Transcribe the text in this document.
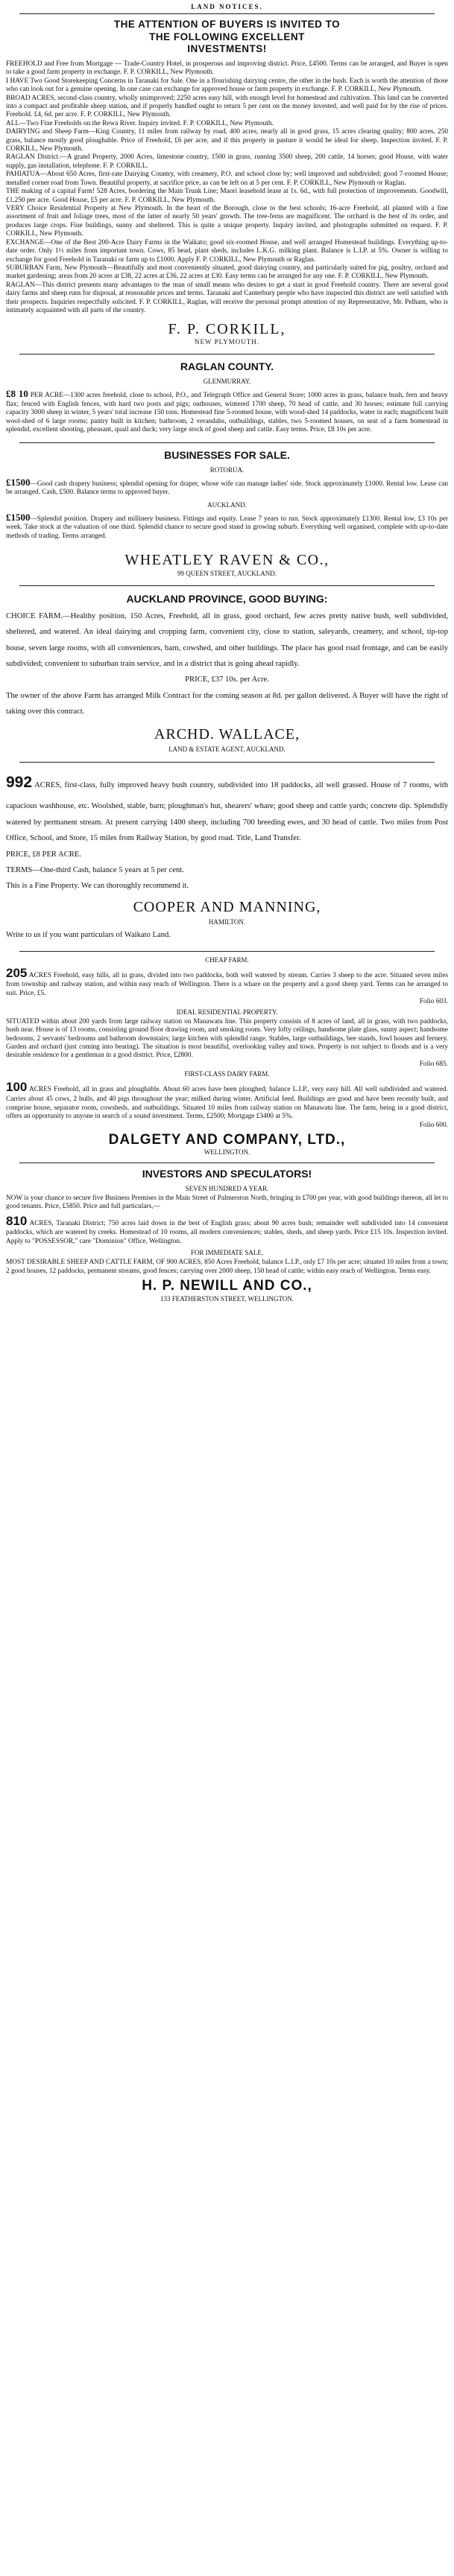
LAND NOTICES.
THE ATTENTION OF BUYERS IS INVITED TO
THE FOLLOWING EXCELLENT
INVESTMENTS!

FREEHOLD and Free from Mortgage — Trade-Country Hotel, in prosperous and improving district. Price, £4500. Terms can be arranged, and Buyer is open to take a good farm property in exchange. F. P. CORKILL, New Plymouth.

I HAVE Two Good Storekeeping Concerns in Taranaki for Sale. One in a flourishing dairying centre, the other in the bush. Each is worth the attention of those who can look out for a genuine opening. In one case can exchange for approved house or farm property in exchange. F. P. CORKILL, New Plymouth.

BROAD ACRES, second-class country, wholly unimproved; 2250 acres easy hill, with enough level for homestead and cultivation. This land can be converted into a compact and profitable sheep station, and if properly handled ought to return 5 per cent on the money invested, and well paid for by the rise of prices. Freehold. £4, 6d. per acre. F. P. CORKILL, New Plymouth.

ALL—Two Fine Freeholds on the Rewa River. Inquiry invited. F. P. CORKILL, New Plymouth.

DAIRYING and Sheep Farm—King Country, 11 miles from railway by road, 400 acres, nearly all in good grass, 15 acres clearing quality; 800 acres, 250 grass, balance mostly good ploughable. Price of Freehold, £6 per acre, and if this property in pasture it would be ideal for sheep. Inspection invited. F. P. CORKILL, New Plymouth.

RAGLAN District.—A grand Property, 2000 Acres, limestone country, 1500 in grass, running 3500 sheep, 200 cattle, 14 horses; good House, with water supply, gas installation, telephone. F. P. CORKILL.

PAHIATUA—About 650 Acres, first-rate Dairying Country, with creamery, P.O. and school close by; well improved and subdivided; good 7-roomed House; metalled corner road from Town. Beautiful property, at sacrifice price, as can be left on at 5 per cent. F. P. CORKILL, New Plymouth or Raglan.

THE making of a capital Farm! 528 Acres, bordering the Main Trunk Line; Maori leasehold lease at 1s. 6d., with full protection of improvements. Goodwill, £1,250 per acre. Good House, £5 per acre. F. P. CORKILL, New Plymouth.

VERY Choice Residential Property at New Plymouth. In the heart of the Borough, close to the best schools; 16-acre Freehold, all planted with a fine assortment of fruit and foliage trees, most of the latter of nearly 50 years' growth. The tree-ferns are magnificent. The orchard is the best of its order, and produces large crops. Fine buildings, sunny and sheltered. This is quite a unique property. Inquiry invited, and photographs submitted on request. F. P. CORKILL, New Plymouth.

EXCHANGE—One of the Best 200-Acre Dairy Farms in the Waikato; good six-roomed House, and well arranged Homestead buildings. Everything up-to-date order. Only 1½ miles from important town. Cows, 85 head, plant sheds, includes L.K.G. milking plant. Balance is L.I.P. at 5%. Owner is willing to exchange for good Freehold in Taranaki or farm up to £1000. Apply F. P. CORKILL, New Plymouth or Raglan.

SUBURBAN Farm, New Plymouth—Beautifully and most conveniently situated, good dairying country, and particularly suited for pig, poultry, orchard and market gardening; areas from 20 acres at £38, 22 acres at £36, 22 acres at £30. Easy terms can be arranged for any one. F. P. CORKILL, New Plymouth.

RAGLAN—This district presents many advantages to the man of small means who desires to get a start in good Freehold country. There are several good dairy farms and sheep runs for disposal, at reasonable prices and terms. Taranaki and Canterbury people who have inspected this district are well satisfied with their prospects. Inquiries respectfully solicited. F. P. CORKILL, Raglan, will receive the personal prompt attention of my Representative, Mr. Pelham, who is intimately acquainted with all parts of the country.

F. P. CORKILL,
NEW PLYMOUTH.
RAGLAN COUNTY.
GLENMURRAY.

£8 10 PER ACRE—1300 acres freehold, close to school, P.O., and Telegraph Office and General Store; 1000 acres in grass, balance bush, fern and heavy flax; fenced with English fences, with hard two posts and pigs; outhouses, wintered 1700 sheep, 70 head of cattle, and 30 horses; estimate full carrying capacity 3000 sheep in winter, 5 years' total increase 150 tons. Homestead fine 5-roomed house, with wood-shed 14 paddocks, water in each; magnificent built wool-shed of 6 large rooms; pantry built in kitchen; bathroom, 2 verandahs, outbuildings, stables, two 5-roomed houses, on seat of a farm homestead in splendid, excellent shooting, pheasant, quail and duck; very large stock of good sheep and cattle. Easy terms. Price, £8 10s per acre.

BUSINESSES FOR SALE.
ROTORUA.

£1500—Good cash drapery business; splendid opening for draper, whose wife can manage ladies' side. Stock approximately £1000. Rental low. Lease can be arranged. Cash, £500. Balance terms to approved buyer.

AUCKLAND.

£1500—Splendid position. Drapery and millinery business. Fittings and equity. Lease 7 years to run. Stock approximately £1300. Rental low, £3 10s per week. Take stock at the valuation of one third. Splendid chance to secure good stand in growing suburb. Everything well organised, complete with up-to-date methods of trading. Terms arranged.

WHEATLEY RAVEN & CO.,
99 QUEEN STREET, AUCKLAND.
AUCKLAND PROVINCE, GOOD BUYING:

CHOICE FARM.—Healthy position, 150 Acres, Freehold, all in grass, good orchard, few acres pretty native bush, well subdivided, sheltered, and watered. An ideal dairying and cropping farm, convenient city, close to station, saleyards, creamery, and school, tip-top house, seven large rooms, with all conveniences, barn, cowshed, and other buildings. The place has good road frontage, and can be easily subdivided; convenient to suburban train service, and in a district that is going ahead rapidly.

PRICE, £37 10s. per Acre.

The owner of the above Farm has arranged Milk Contract for the coming season at 8d. per gallon delivered. A Buyer will have the right of taking over this contract.

ARCHD. WALLACE,
LAND & ESTATE AGENT, AUCKLAND.

992 ACRES, first-class, fully improved heavy bush country, subdivided into 18 paddocks, all well grassed. House of 7 rooms, with capacious washhouse, etc. Woolshed, stable, barn; ploughman's hut, shearers' whare; good sheep and cattle yards; concrete dip. Splendidly watered by permanent stream. At present carrying 1400 sheep, including 700 breeding ewes, and 30 head of cattle. Two miles from Post Office, School, and Store, 15 miles from Railway Station, by good road. Title, Land Transfer.

PRICE, £8 PER ACRE.
TERMS—One-third Cash, balance 5 years at 5 per cent.
This is a Fine Property. We can thoroughly recommend it.
COOPER AND MANNING,
HAMILTON.
Write to us if you want particulars of Waikato Land.
CHEAP FARM.

205 ACRES Freehold, easy hills, all in grass, divided into two paddocks, both well watered by stream. Carries 3 sheep to the acre. Situated seven miles from township and railway station, and within easy reach of Wellington. There is a whare on the property and a good sheep yard. Terms can be arranged to suit. Price, £5.

Folio 603.
IDEAL RESIDENTIAL PROPERTY.

SITUATED within about 200 yards from large railway station on Manawatu line. This property consists of 8 acres of land, all in grass, with two paddocks, bush near. House is of 13 rooms, consisting ground floor drawing room, and smoking room. Very lofty ceilings, handsome plate glass, sunny aspect; handsome bedrooms, 2 servants' bedrooms and bathroom downstairs; large kitchen with splendid range. Stables, large outbuildings, bee stands, fowl houses and fernery. Garden and orchard (just coming into bearing). The situation is most beautiful, overlooking valley and town. Property is not subject to floods and is a very desirable residence for a gentleman in a good district. Price, £2800.

Folio 685.
FIRST-CLASS DAIRY FARM.

100 ACRES Freehold, all in grass and ploughable. About 60 acres have been ploughed; balance L.I.P., very easy hill. All well subdivided and watered. Carries about 45 cows, 2 bulls, and 40 pigs throughout the year; milked during winter. Artificial feed. Buildings are good and have been recently built, and comprise house, separator room, cowsheds, and outbuildings. Situated 10 miles from railway station on Manawatu line. The farm, being in a good district, offers an opportunity to anyone in search of a sound investment. Terms, £2500; Mortgage £3400 at 5%.

Folio 600.
DALGETY AND COMPANY, LTD.,
WELLINGTON.
INVESTORS AND SPECULATORS!
SEVEN HUNDRED A YEAR.

NOW is your chance to secure five Business Premises in the Main Street of Palmerston North, bringing in £700 per year, with good buildings thereon, all let to good tenants. Price, £5850. Price and full particulars,—

810 ACRES, Taranaki District; 750 acres laid down in the best of English grass; about 90 acres bush; remainder well subdivided into 14 convenient paddocks, which are watered by creeks. Homestead of 10 rooms, all modern conveniences; stables, sheds, and sheep yards. Price £15 10s. Inspection invited. Apply to "POSSESSOR," care "Dominion" Office, Wellington.

FOR IMMEDIATE SALE.

MOST DESIRABLE SHEEP AND CATTLE FARM, OF 900 ACRES, 850 Acres Freehold, balance L.I.P., only £7 10s per acre; situated 10 miles from a town; 2 good houses, 12 paddocks, permanent streams, good fences; carrying over 2000 sheep, 150 head of cattle; within easy reach of Wellington. Terms easy.

H. P. NEWILL AND CO.,
133 FEATHERSTON STREET, WELLINGTON.
